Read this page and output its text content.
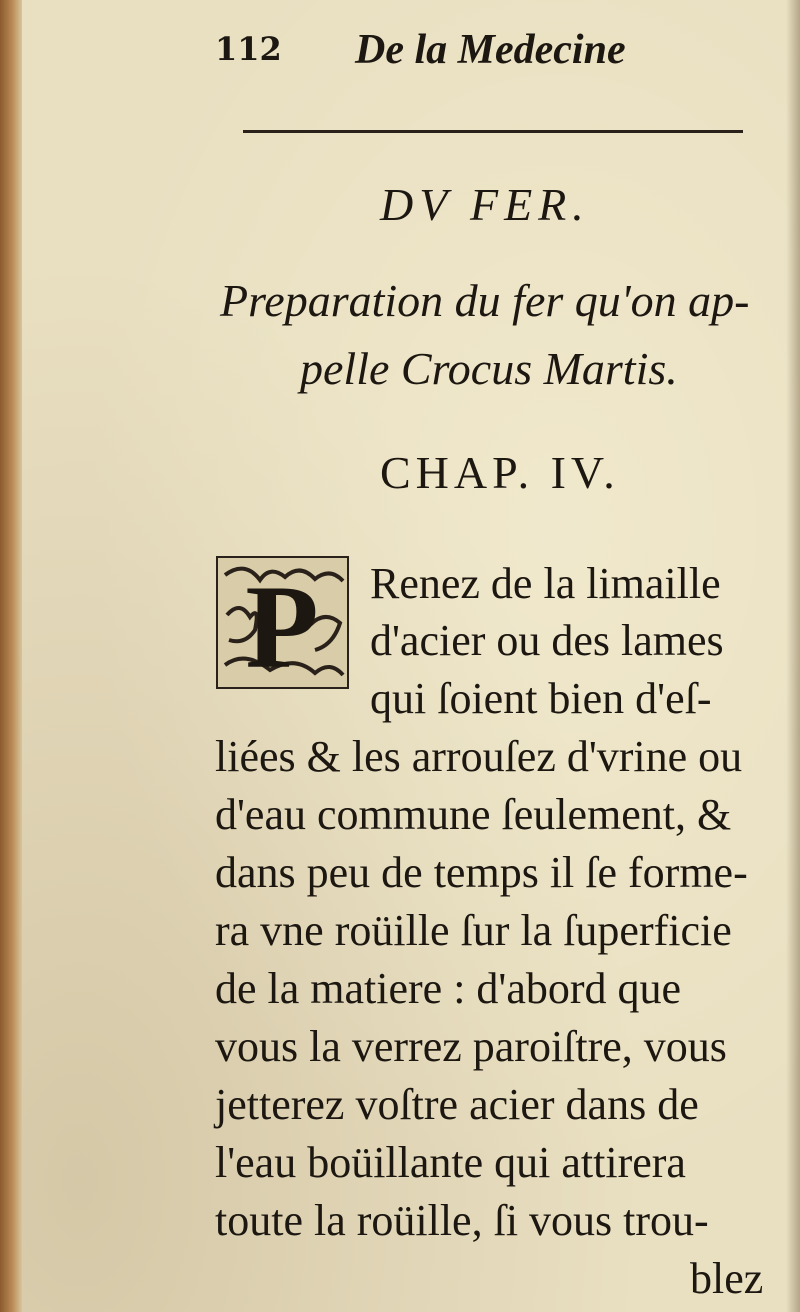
112 De la Medecine
DV FER.
Preparation du fer qu'on ap-
pelle Crocus Martis.
CHAP. IV.
P Renez de la limaille
d'acier ou des lames
qui ſoient bien d'eſ-
liées & les arrouſez d'vrine ou
d'eau commune ſeulement, &
dans peu de temps il ſe forme-
ra vne roüille ſur la ſuperficie
de la matiere : d'abord que
vous la verrez paroiſtre, vous
jetterez voſtre acier dans de
l'eau boüillante qui attirera
toute la roüille, ſi vous trou-
blez
